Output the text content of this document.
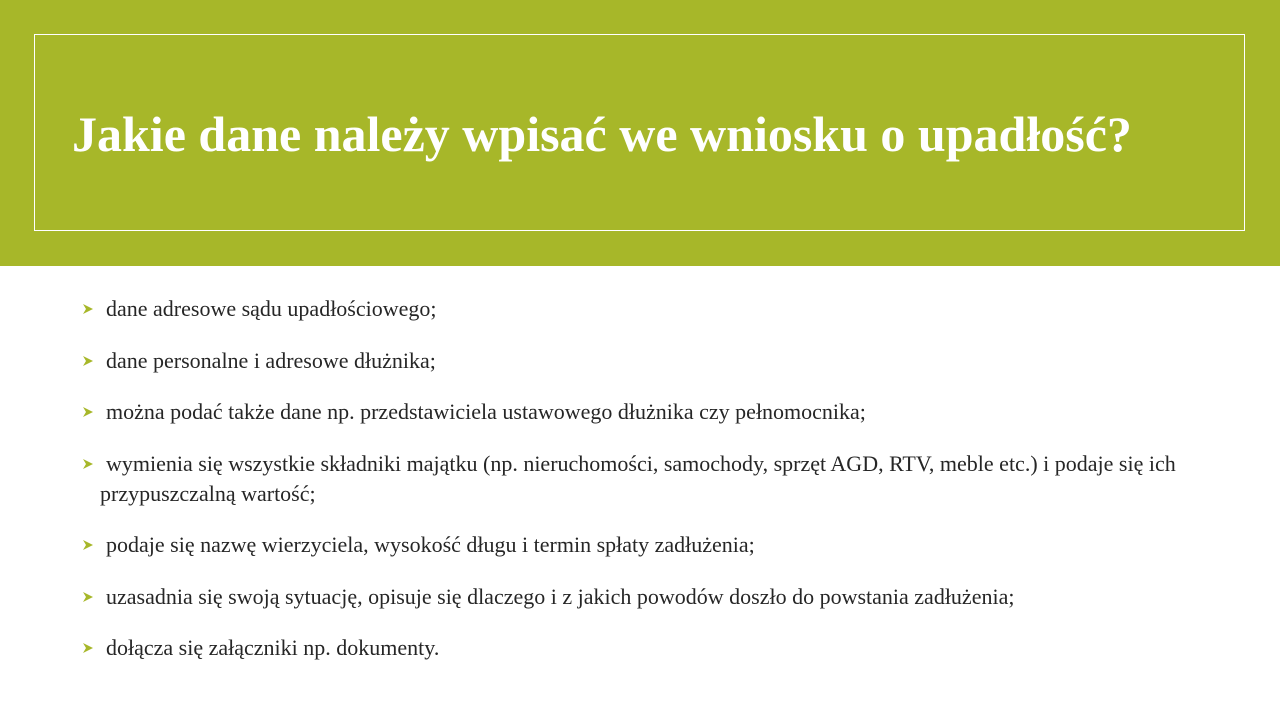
Jakie dane należy wpisać we wniosku o upadłość?
dane adresowe sądu upadłościowego;
dane personalne i adresowe dłużnika;
można podać także dane np. przedstawiciela ustawowego dłużnika czy pełnomocnika;
wymienia się wszystkie składniki majątku (np. nieruchomości, samochody, sprzęt AGD, RTV, meble etc.) i podaje się ich przypuszczalną wartość;
podaje się nazwę wierzyciela, wysokość długu i termin spłaty zadłużenia;
uzasadnia się swoją sytuację, opisuje się dlaczego i z jakich powodów doszło do powstania zadłużenia;
dołącza się załączniki np. dokumenty.
